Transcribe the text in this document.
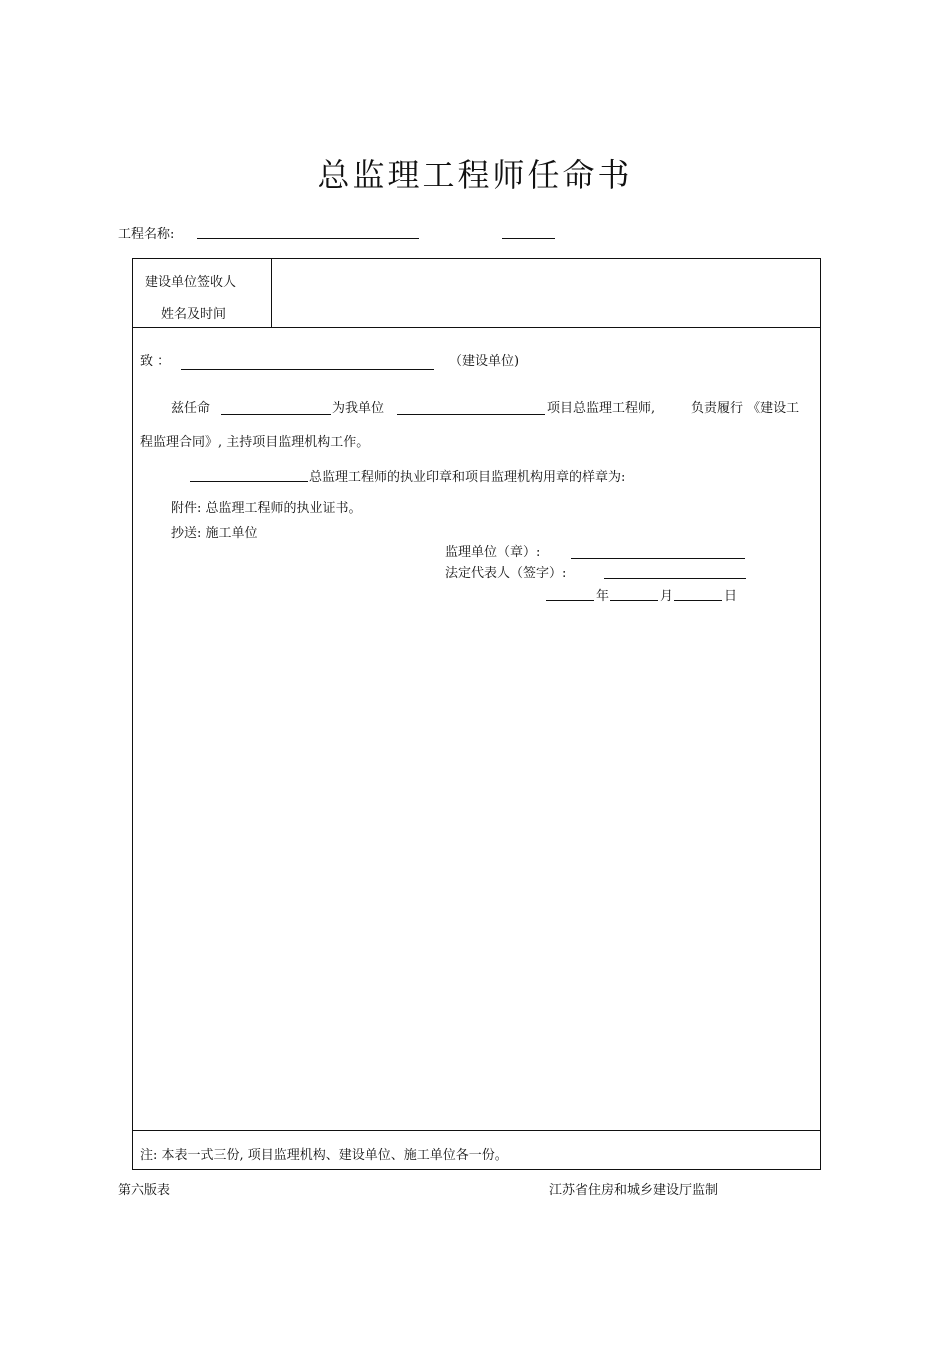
总监理工程师任命书
工程名称:
建设单位签收人
姓名及时间
致 ：	（建设单位)
兹任命	为我单位	项目总监理工程师,	负责履行 《建设工
程监理合同》, 主持项目监理机构工作。
总监理工程师的执业印章和项目监理机构用章的样章为:
附件: 总监理工程师的执业证书。
抄送: 施工单位
监理单位（章）:
法定代表人（签字）:
年	月	日
注: 本表一式三份, 项目监理机构、建设单位、施工单位各一份。
第六版表	江苏省住房和城乡建设厅监制
